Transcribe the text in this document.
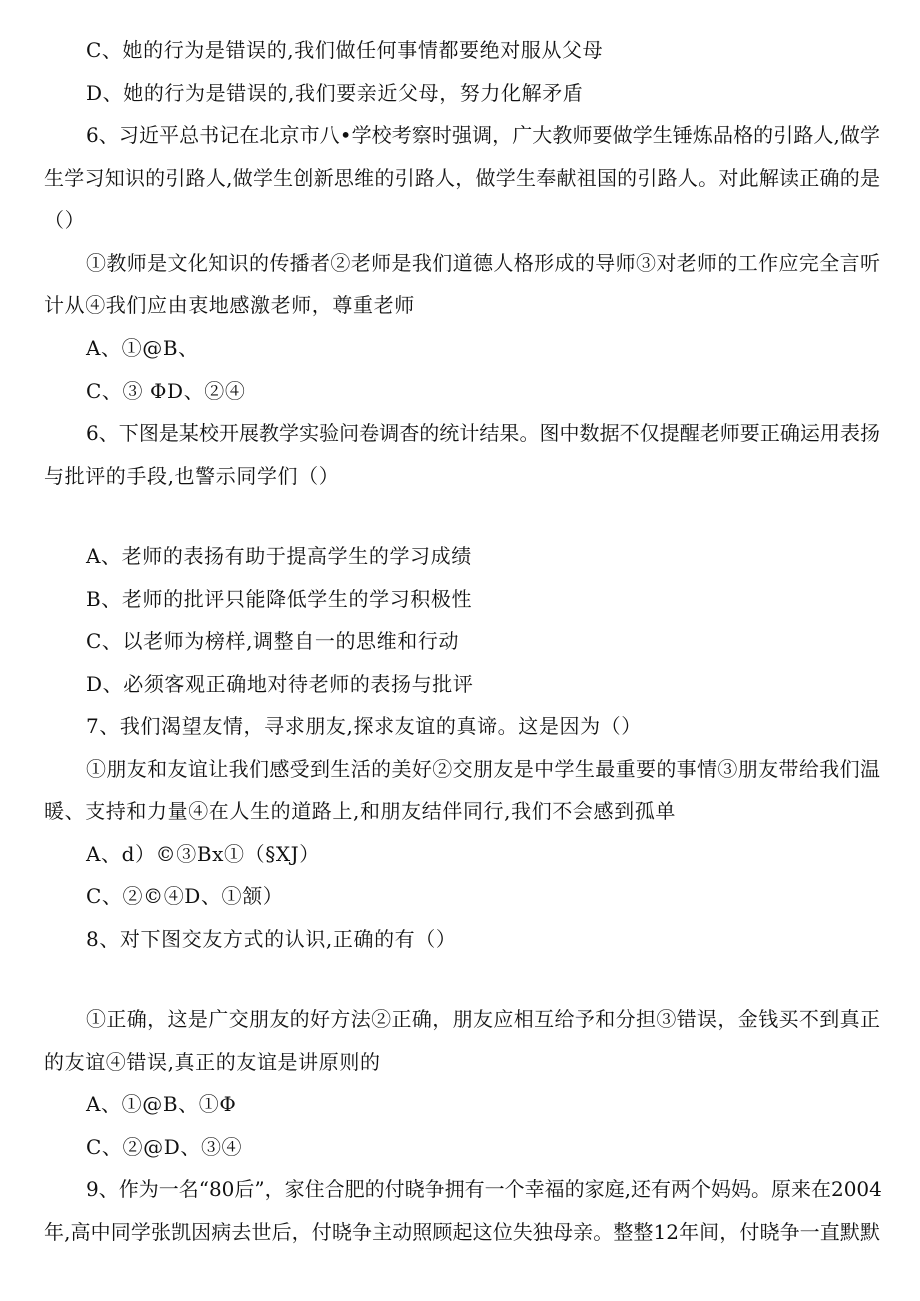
C、她的行为是错误的,我们做任何事情都要绝对服从父母
D、她的行为是错误的,我们要亲近父母，努力化解矛盾
6、习近平总书记在北京市八•学校考察时强调，广大教师要做学生锤炼品格的引路人,做学
生学习知识的引路人,做学生创新思维的引路人，做学生奉献祖国的引路人。对此解读正确的是
（）
①教师是文化知识的传播者②老师是我们道德人格形成的导师③对老师的工作应完全言听
计从④我们应由衷地感激老师，尊重老师
A、①@B、
C、③ ΦD、②④
6、下图是某校开展教学实验问卷调杳的统计结果。图中数据不仅提醒老师要正确运用表扬
与批评的手段,也警示同学们（）
A、老师的表扬有助于提高学生的学习成绩
B、老师的批评只能降低学生的学习积极性
C、以老师为榜样,调整自一的思维和行动
D、必须客观正确地对待老师的表扬与批评
7、我们渴望友情，寻求朋友,探求友谊的真谛。这是因为（）
①朋友和友谊让我们感受到生活的美好②交朋友是中学生最重要的事情③朋友带给我们温
暖、支持和力量④在人生的道路上,和朋友结伴同行,我们不会感到孤单
A、d）©③Bx①（§XJ）
C、②©④D、①颔）
8、对下图交友方式的认识,正确的有（）
①正确，这是广交朋友的好方法②正确，朋友应相互给予和分担③错误，金钱买不到真正
的友谊④错误,真正的友谊是讲原则的
A、①@B、①Φ
C、②@D、③④
9、作为一名“80后”，家住合肥的付晓争拥有一个幸福的家庭,还有两个妈妈。原来在2004
年,高中同学张凯因病去世后，付晓争主动照顾起这位失独母亲。整整12年间，付晓争一直默默
